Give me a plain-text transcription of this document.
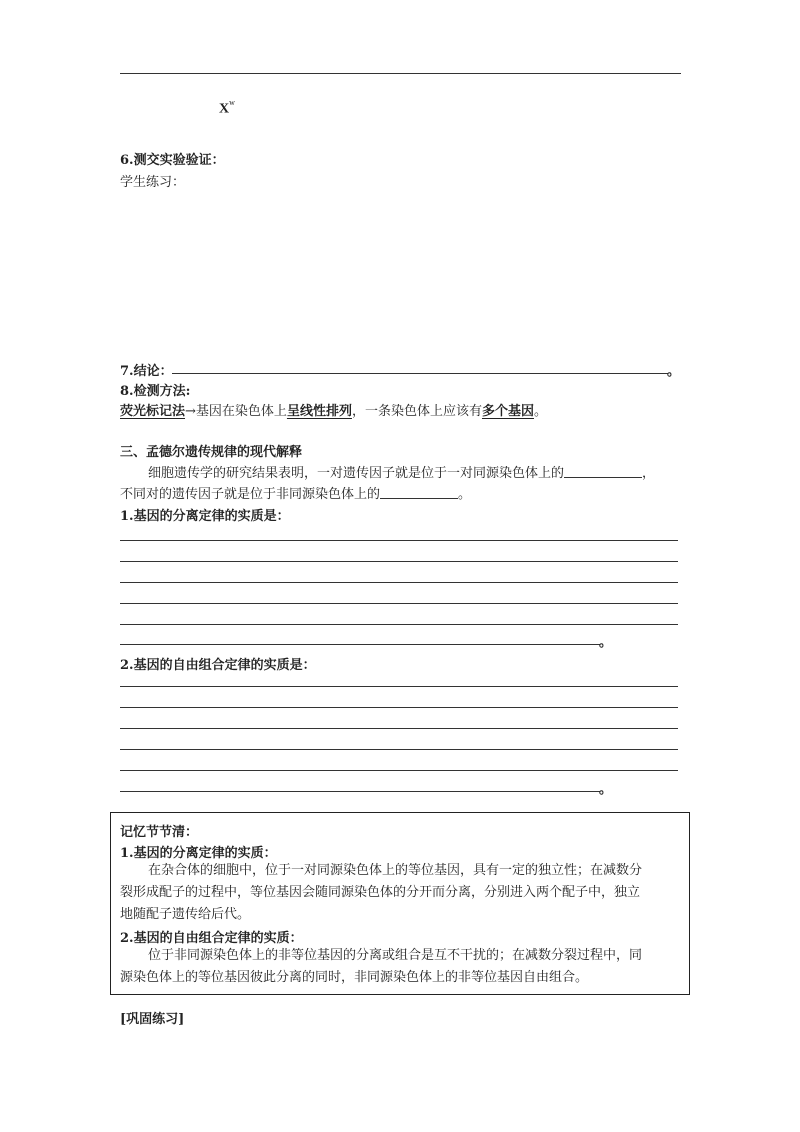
$X^w$
6.测交实验验证：
学生练习：
7.结论：	。
8.检测方法:
荧光标记法→基因在染色体上呈线性排列，一条染色体上应该有多个基因。
三、孟德尔遗传规律的现代解释
细胞遗传学的研究结果表明，一对遗传因子就是位于一对同源染色体上的	，
不同对的遗传因子就是位于非同源染色体上的	。
1.基因的分离定律的实质是：
。
2.基因的自由组合定律的实质是：
。
记忆节节清：
1.基因的分离定律的实质：
在杂合体的细胞中，位于一对同源染色体上的等位基因，具有一定的独立性；在减数分
裂形成配子的过程中，等位基因会随同源染色体的分开而分离，分别进入两个配子中，独立
地随配子遗传给后代。
2.基因的自由组合定律的实质：
位于非同源染色体上的非等位基因的分离或组合是互不干扰的；在减数分裂过程中，同
源染色体上的等位基因彼此分离的同时，非同源染色体上的非等位基因自由组合。
[巩固练习]
